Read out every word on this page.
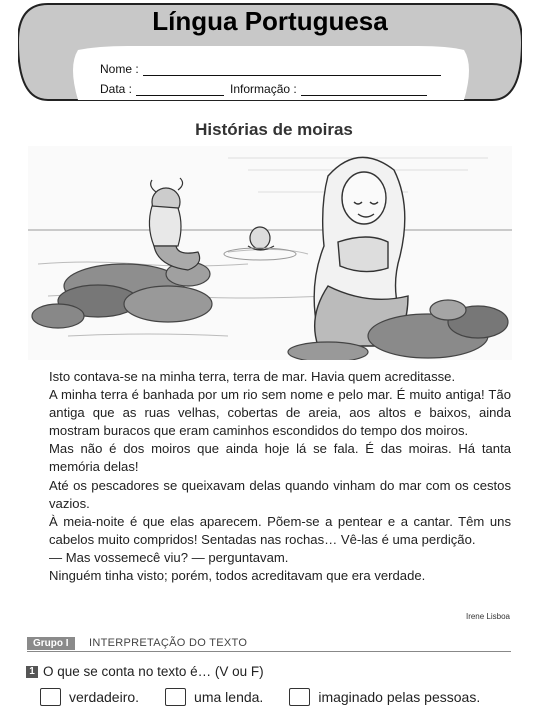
Língua Portuguesa
Nome :
Data :	Informação :
Histórias de moiras

Isto contava-se na minha terra, terra de mar. Havia quem acreditasse.

A minha terra é banhada por um rio sem nome e pelo mar. É muito antiga! Tão antiga que as ruas velhas, cobertas de areia, aos altos e baixos, ainda mostram buracos que eram caminhos escondidos do tempo dos moiros.

Mas não é dos moiros que ainda hoje lá se fala. É das moiras. Há tanta memória delas!

Até os pescadores se queixavam delas quando vinham do mar com os cestos vazios.

À meia-noite é que elas aparecem. Põem-se a pentear e a cantar. Têm uns cabelos muito compridos! Sentadas nas rochas… Vê-las é uma perdição.

— Mas vossemecê viu? — perguntavam.

Ninguém tinha visto; porém, todos acreditavam que era verdade.

Irene Lisboa
Grupo I	INTERPRETAÇÃO DO TEXTO
1 O que se conta no texto é… (V ou F)
verdadeiro.	uma lenda.	imaginado pelas pessoas.
